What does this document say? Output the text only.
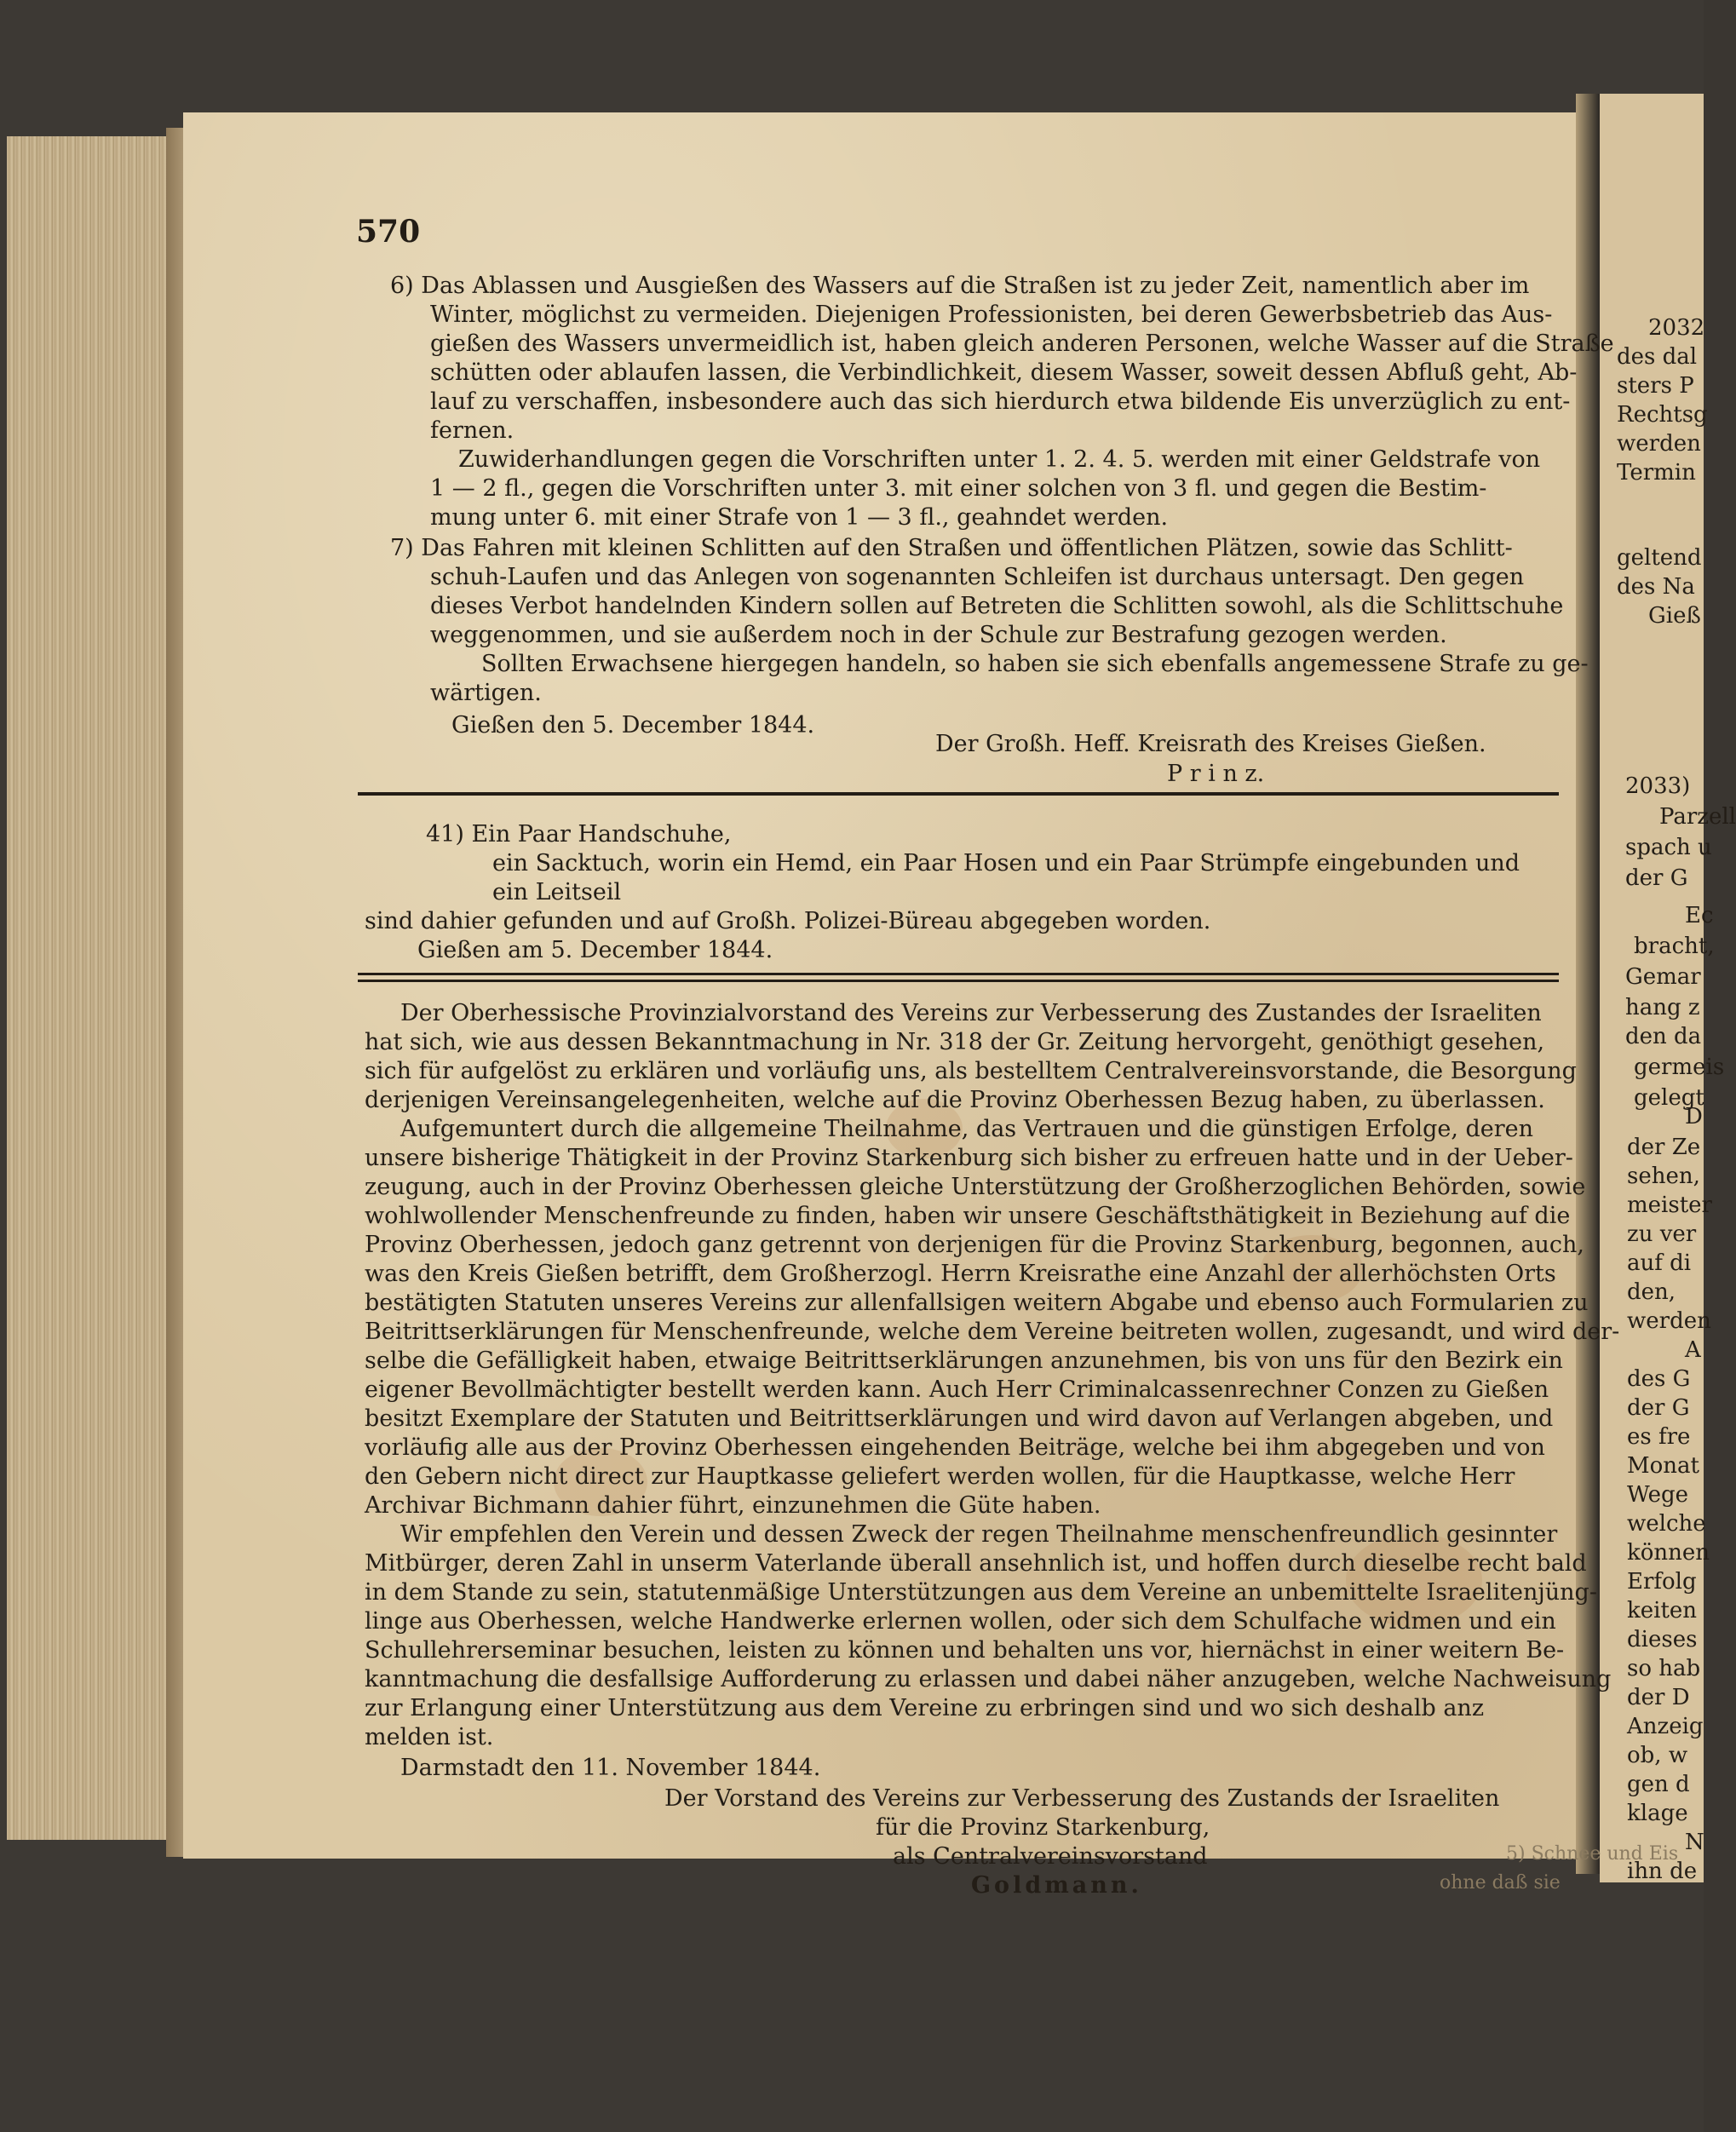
570

6) Das Ablassen und Ausgießen des Wassers auf die Straßen ist zu jeder Zeit, namentlich aber im

Winter, möglichst zu vermeiden. Diejenigen Professionisten, bei deren Gewerbsbetrieb das Aus-

gießen des Wassers unvermeidlich ist, haben gleich anderen Personen, welche Wasser auf die Straße

schütten oder ablaufen lassen, die Verbindlichkeit, diesem Wasser, soweit dessen Abfluß geht, Ab-

lauf zu verschaffen, insbesondere auch das sich hierdurch etwa bildende Eis unverzüglich zu ent-

fernen.

Zuwiderhandlungen gegen die Vorschriften unter 1. 2. 4. 5. werden mit einer Geldstrafe von

1 — 2 fl., gegen die Vorschriften unter 3. mit einer solchen von 3 fl. und gegen die Bestim-

mung unter 6. mit einer Strafe von 1 — 3 fl., geahndet werden.

7) Das Fahren mit kleinen Schlitten auf den Straßen und öffentlichen Plätzen, sowie das Schlitt-

schuh-Laufen und das Anlegen von sogenannten Schleifen ist durchaus untersagt. Den gegen

dieses Verbot handelnden Kindern sollen auf Betreten die Schlitten sowohl, als die Schlittschuhe

weggenommen, und sie außerdem noch in der Schule zur Bestrafung gezogen werden.

Sollten Erwachsene hiergegen handeln, so haben sie sich ebenfalls angemessene Strafe zu ge-

wärtigen.

Gießen den 5. December 1844.

Der Großh. Heff. Kreisrath des Kreises Gießen.

P r i n z.

41) Ein Paar Handschuhe,

ein Sacktuch, worin ein Hemd, ein Paar Hosen und ein Paar Strümpfe eingebunden und

ein Leitseil

sind dahier gefunden und auf Großh. Polizei-Büreau abgegeben worden.

Gießen am 5. December 1844.

Der Oberhessische Provinzialvorstand des Vereins zur Verbesserung des Zustandes der Israeliten

hat sich, wie aus dessen Bekanntmachung in Nr. 318 der Gr. Zeitung hervorgeht, genöthigt gesehen,

sich für aufgelöst zu erklären und vorläufig uns, als bestelltem Centralvereinsvorstande, die Besorgung

derjenigen Vereinsangelegenheiten, welche auf die Provinz Oberhessen Bezug haben, zu überlassen.

Aufgemuntert durch die allgemeine Theilnahme, das Vertrauen und die günstigen Erfolge, deren

unsere bisherige Thätigkeit in der Provinz Starkenburg sich bisher zu erfreuen hatte und in der Ueber-

zeugung, auch in der Provinz Oberhessen gleiche Unterstützung der Großherzoglichen Behörden, sowie

wohlwollender Menschenfreunde zu finden, haben wir unsere Geschäftsthätigkeit in Beziehung auf die

Provinz Oberhessen, jedoch ganz getrennt von derjenigen für die Provinz Starkenburg, begonnen, auch,

was den Kreis Gießen betrifft, dem Großherzogl. Herrn Kreisrathe eine Anzahl der allerhöchsten Orts

bestätigten Statuten unseres Vereins zur allenfallsigen weitern Abgabe und ebenso auch Formularien zu

Beitrittserklärungen für Menschenfreunde, welche dem Vereine beitreten wollen, zugesandt, und wird der-

selbe die Gefälligkeit haben, etwaige Beitrittserklärungen anzunehmen, bis von uns für den Bezirk ein

eigener Bevollmächtigter bestellt werden kann. Auch Herr Criminalcassenrechner Conzen zu Gießen

besitzt Exemplare der Statuten und Beitrittserklärungen und wird davon auf Verlangen abgeben, und

vorläufig alle aus der Provinz Oberhessen eingehenden Beiträge, welche bei ihm abgegeben und von

den Gebern nicht direct zur Hauptkasse geliefert werden wollen, für die Hauptkasse, welche Herr

Archivar Bichmann dahier führt, einzunehmen die Güte haben.

Wir empfehlen den Verein und dessen Zweck der regen Theilnahme menschenfreundlich gesinnter

Mitbürger, deren Zahl in unserm Vaterlande überall ansehnlich ist, und hoffen durch dieselbe recht bald

in dem Stande zu sein, statutenmäßige Unterstützungen aus dem Vereine an unbemittelte Israelitenjüng-

linge aus Oberhessen, welche Handwerke erlernen wollen, oder sich dem Schulfache widmen und ein

Schullehrerseminar besuchen, leisten zu können und behalten uns vor, hiernächst in einer weitern Be-

kanntmachung die desfallsige Aufforderung zu erlassen und dabei näher anzugeben, welche Nachweisung

zur Erlangung einer Unterstützung aus dem Vereine zu erbringen sind und wo sich deshalb anz

melden ist.

Darmstadt den 11. November 1844.

Der Vorstand des Vereins zur Verbesserung des Zustands der Israeliten

für die Provinz Starkenburg,

als Centralvereinsvorstand

Goldmann.

5) Schnee und Eis

ohne daß sie

2032

des dal

sters P

Rechtsg

werden

Termin

geltend

des Na

Gieß

2033)

Parzell

spach u

der G

Ec

bracht,

Gemar

hang z

den da

germeis

gelegt

D

der Ze

sehen,

meister

zu ver

auf di

den,

werden

A

des G

der G

es fre

Monat

Wege

welche

können

Erfolg

keiten

dieses

so hab

der D

Anzeig

ob, w

gen d

klage

N

ihn de
